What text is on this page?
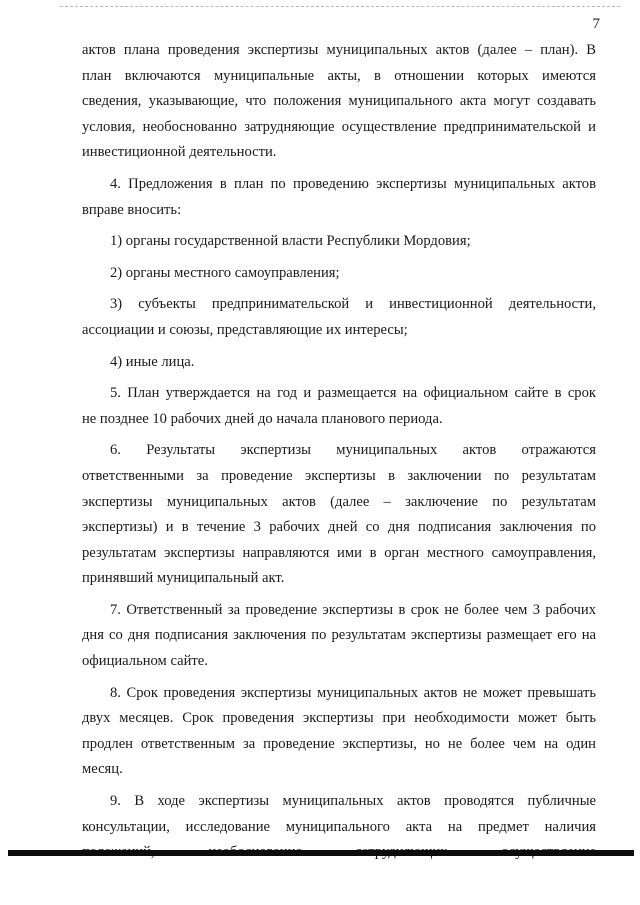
7
актов плана проведения экспертизы муниципальных актов (далее – план). В
план включаются муниципальные акты, в отношении которых имеются
сведения, указывающие, что положения муниципального акта могут создавать
условия, необоснованно затрудняющие осуществление предпринимательской и
инвестиционной деятельности.
4. Предложения в план по проведению экспертизы муниципальных актов
вправе вносить:
1) органы государственной власти Республики Мордовия;
2) органы местного самоуправления;
3) субъекты предпринимательской и инвестиционной деятельности,
ассоциации и союзы, представляющие их интересы;
4) иные лица.
5. План утверждается на год и размещается на официальном сайте в срок
не позднее 10 рабочих дней до начала планового периода.
6. Результаты экспертизы муниципальных актов отражаются
ответственными за проведение экспертизы в заключении по результатам
экспертизы муниципальных актов (далее – заключение по результатам
экспертизы) и в течение 3 рабочих дней со дня подписания заключения по
результатам экспертизы направляются ими в орган местного самоуправления,
принявший муниципальный акт.
7. Ответственный за проведение экспертизы в срок не более чем 3 рабочих
дня со дня подписания заключения по результатам экспертизы размещает его на
официальном сайте.
8. Срок проведения экспертизы муниципальных актов не может превышать
двух месяцев. Срок проведения экспертизы при необходимости может быть
продлен ответственным за проведение экспертизы, но не более чем на один
месяц.
9. В ходе экспертизы муниципальных актов проводятся публичные
консультации, исследование муниципального акта на предмет наличия
